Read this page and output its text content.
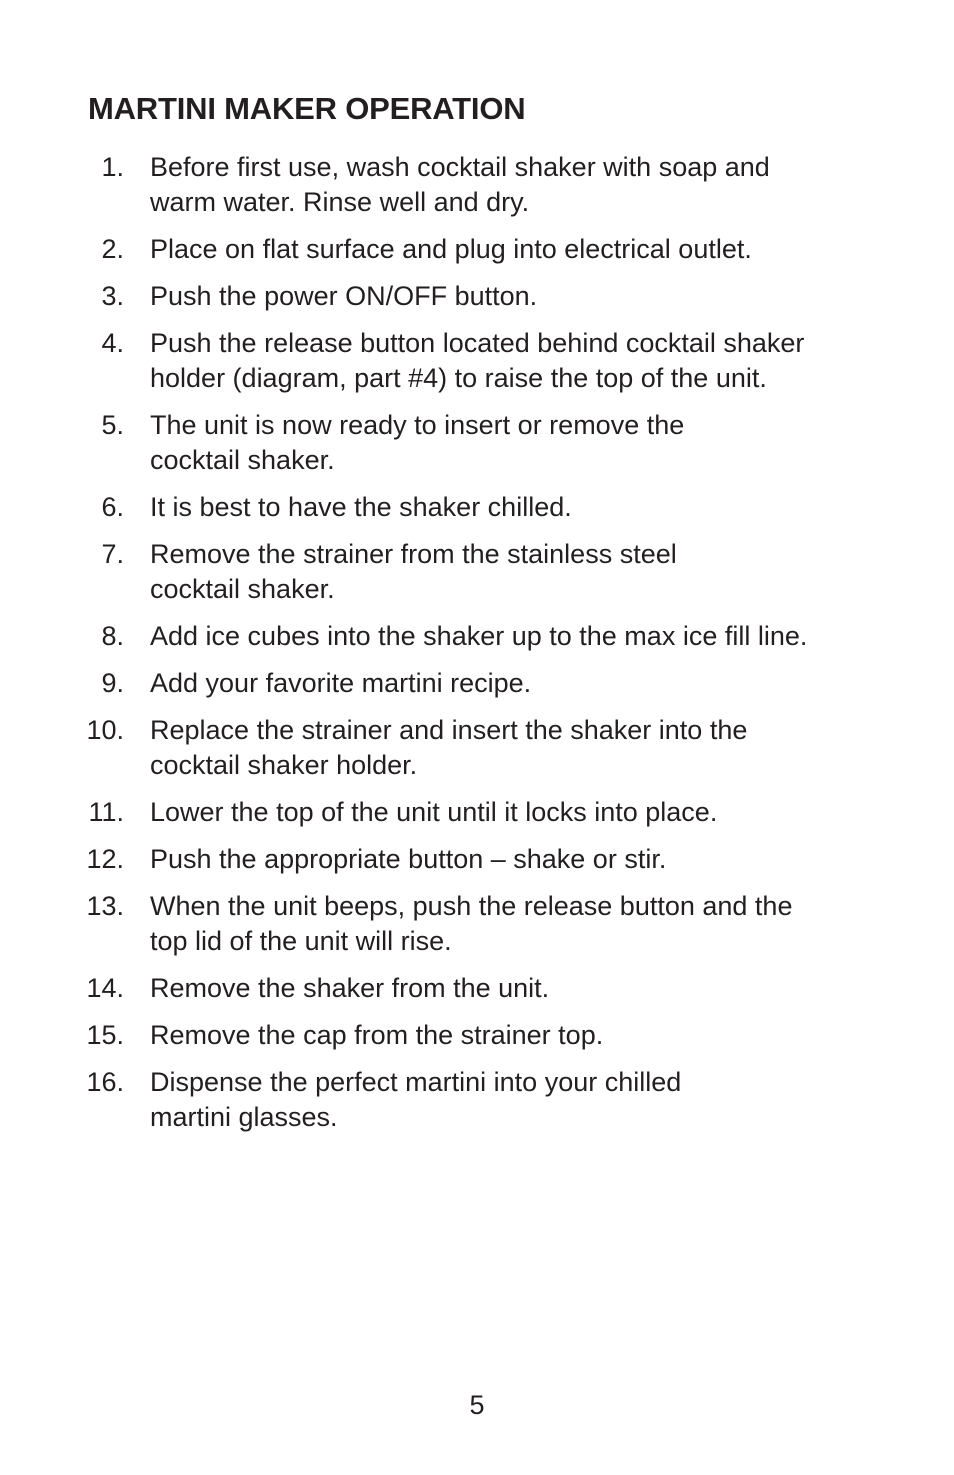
MARTINI MAKER OPERATION
1. Before first use, wash cocktail shaker with soap and warm water. Rinse well and dry.
2. Place on flat surface and plug into electrical outlet.
3. Push the power ON/OFF button.
4. Push the release button located behind cocktail shaker holder (diagram, part #4) to raise the top of the unit.
5. The unit is now ready to insert or remove the cocktail shaker.
6. It is best to have the shaker chilled.
7. Remove the strainer from the stainless steel cocktail shaker.
8. Add ice cubes into the shaker up to the max ice fill line.
9. Add your favorite martini recipe.
10. Replace the strainer and insert the shaker into the cocktail shaker holder.
11. Lower the top of the unit until it locks into place.
12. Push the appropriate button – shake or stir.
13. When the unit beeps, push the release button and the top lid of the unit will rise.
14. Remove the shaker from the unit.
15. Remove the cap from the strainer top.
16. Dispense the perfect martini into your chilled martini glasses.
5
